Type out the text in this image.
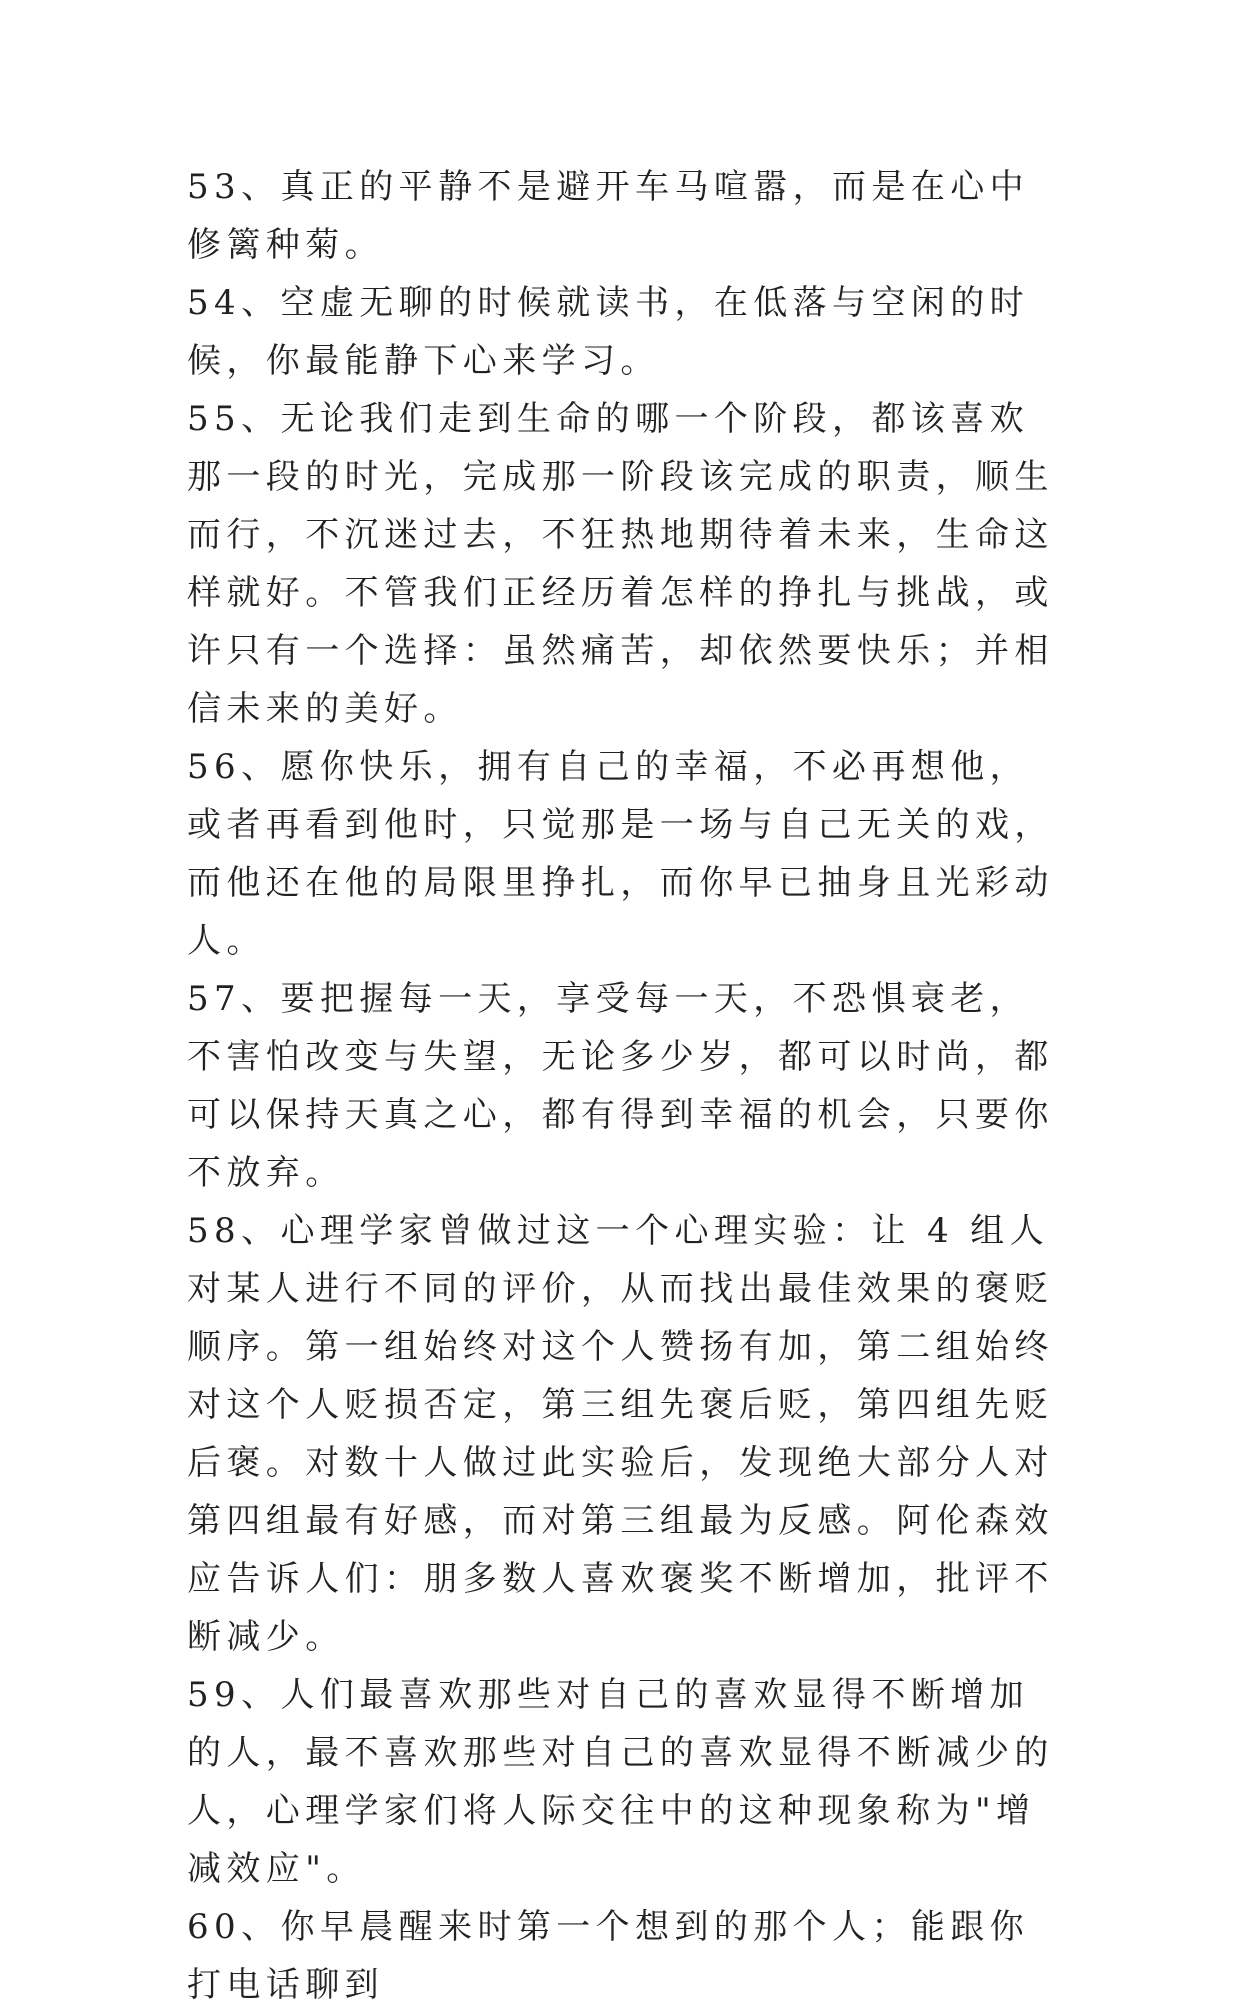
53、真正的平静不是避开车马喧嚣，而是在心中修篱种菊。

54、空虚无聊的时候就读书，在低落与空闲的时候，你最能静下心来学习。

55、无论我们走到生命的哪一个阶段，都该喜欢那一段的时光，完成那一阶段该完成的职责，顺生而行，不沉迷过去，不狂热地期待着未来，生命这样就好。不管我们正经历着怎样的挣扎与挑战，或许只有一个选择：虽然痛苦，却依然要快乐；并相信未来的美好。

56、愿你快乐，拥有自己的幸福，不必再想他，或者再看到他时，只觉那是一场与自己无关的戏，而他还在他的局限里挣扎，而你早已抽身且光彩动人。

57、要把握每一天，享受每一天，不恐惧衰老，不害怕改变与失望，无论多少岁，都可以时尚，都可以保持天真之心，都有得到幸福的机会，只要你不放弃。

58、心理学家曾做过这一个心理实验：让 4 组人对某人进行不同的评价，从而找出最佳效果的褒贬顺序。第一组始终对这个人赞扬有加，第二组始终对这个人贬损否定，第三组先褒后贬，第四组先贬后褒。对数十人做过此实验后，发现绝大部分人对第四组最有好感，而对第三组最为反感。阿伦森效应告诉人们：朋多数人喜欢褒奖不断增加，批评不断减少。

59、人们最喜欢那些对自己的喜欢显得不断增加的人，最不喜欢那些对自己的喜欢显得不断减少的人，心理学家们将人际交往中的这种现象称为"增减效应"。

60、你早晨醒来时第一个想到的那个人；能跟你打电话聊到
